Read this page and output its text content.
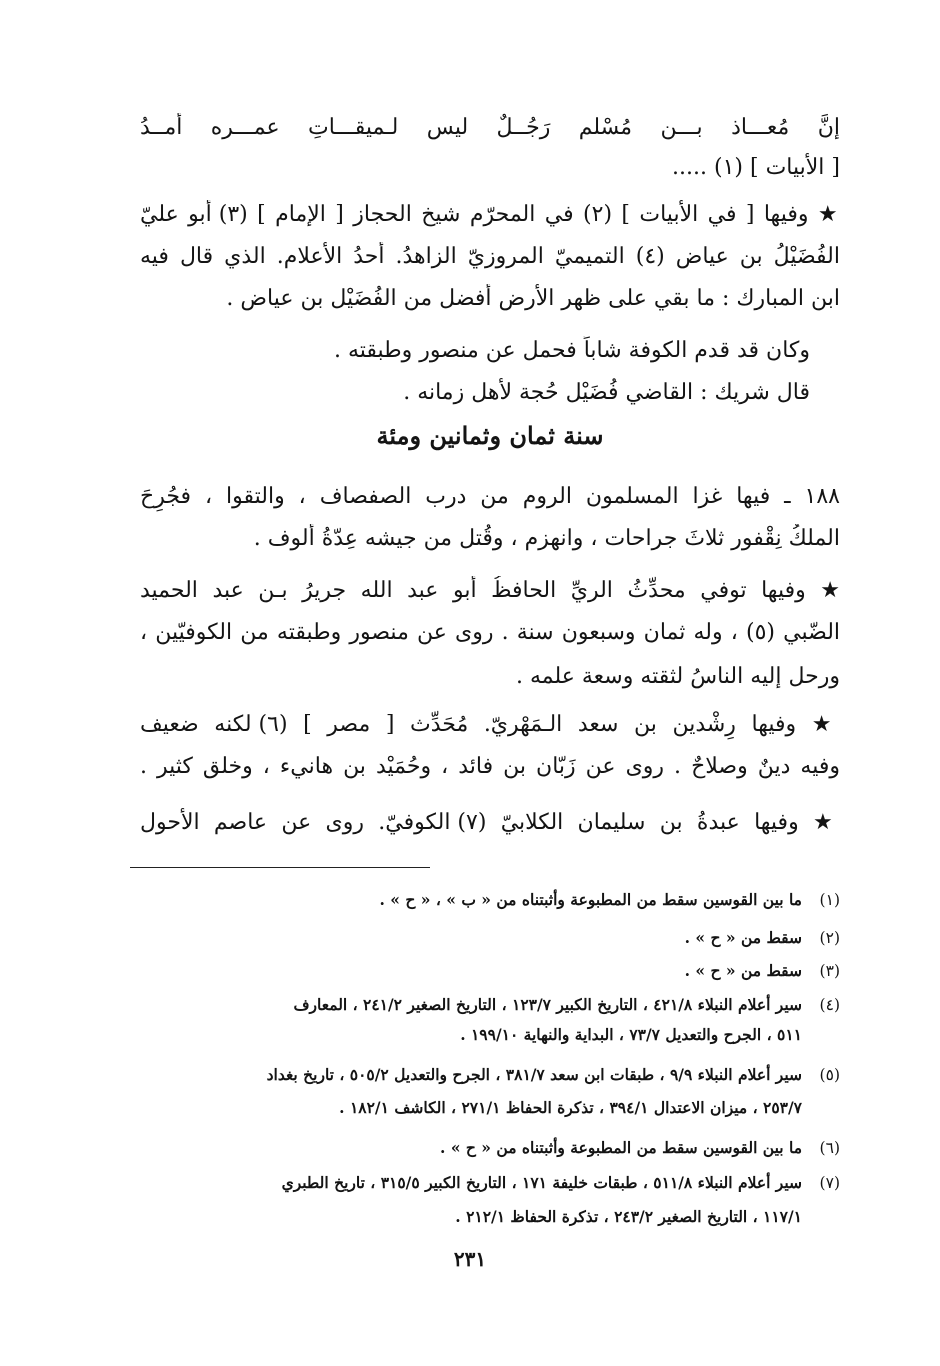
إنَّ مُعـــاذ بـــن مُسْلم رَجُــلٌ ليس لـميقـــاتِ عمـــره أمــدُ

[ الأبيات ] (١) .....

★ وفيها [ في الأبيات ] (٢) في المحرّم شيخ الحجاز [ الإمام ] (٣) أبو عليّ

الفُضَيْلُ بن عياض (٤) التميميّ المروزيّ الزاهدُ. أحدُ الأعلام. الذي قال فيه

ابن المبارك : ما بقي على ظهر الأرض أفضل من الفُضَيْل بن عياض .

وكان قد قدم الكوفة شاباً فحمل عن منصور وطبقته .

قال شريك : القاضي فُضَيْل حُجة لأهل زمانه .

سنة ثمان وثمانين ومئة

١٨٨ ـ فيها غزا المسلمون الروم من درب الصفصاف ، والتقوا ، فجُرِحَ

الملكُ نِقْفور ثلاثَ جراحات ، وانهزم ، وقُتل من جيشه عِدّةُ أُلوف .

★ وفيها توفي محدِّثُ الريِّ الحافظُ أبو عبد الله جريرُ بـن عبد الحميد

الضّبي (٥) ، وله ثمان وسبعون سنة . روى عن منصور وطبقته من الكوفيّين ،

ورحل إليه الناسُ لثقته وسعة علمه .

★ وفيها رِشْدين بن سعد الـمَهْريّ. مُحَدِّث [ مصر ] (٦) لكنه ضعيف

وفيه دينٌ وصلاحٌ . روى عن زَبّان بن فائد ، وحُمَيْد بن هانيء ، وخلق كثير .

★ وفيها عبدةُ بن سليمان الكلابيّ (٧) الكوفيّ. روى عن عاصم الأحول

(١)ما بين القوسين سقط من المطبوعة وأثبتناه من « ب » ، « ح » .
(٢)سقط من « ح » .
(٣)سقط من « ح » .
(٤)سير أعلام النبلاء ٤٢١/٨ ، التاريخ الكبير ١٢٣/٧ ، التاريخ الصغير ٢٤١/٢ ، المعارف
٥١١ ، الجرح والتعديل ٧٣/٧ ، البداية والنهاية ١٩٩/١٠ .
(٥)سير أعلام النبلاء ٩/٩ ، طبقات ابن سعد ٣٨١/٧ ، الجرح والتعديل ٥٠٥/٢ ، تاريخ بغداد
٢٥٣/٧ ، ميزان الاعتدال ٣٩٤/١ ، تذكرة الحفاظ ٢٧١/١ ، الكاشف ١٨٢/١ .
(٦)ما بين القوسين سقط من المطبوعة وأثبتناه من « ح » .
(٧)سير أعلام النبلاء ٥١١/٨ ، طبقات خليفة ١٧١ ، التاريخ الكبير ٣١٥/٥ ، تاريخ الطبري
١١٧/١ ، التاريخ الصغير ٢٤٣/٢ ، تذكرة الحفاظ ٢١٢/١ .
٢٣١
